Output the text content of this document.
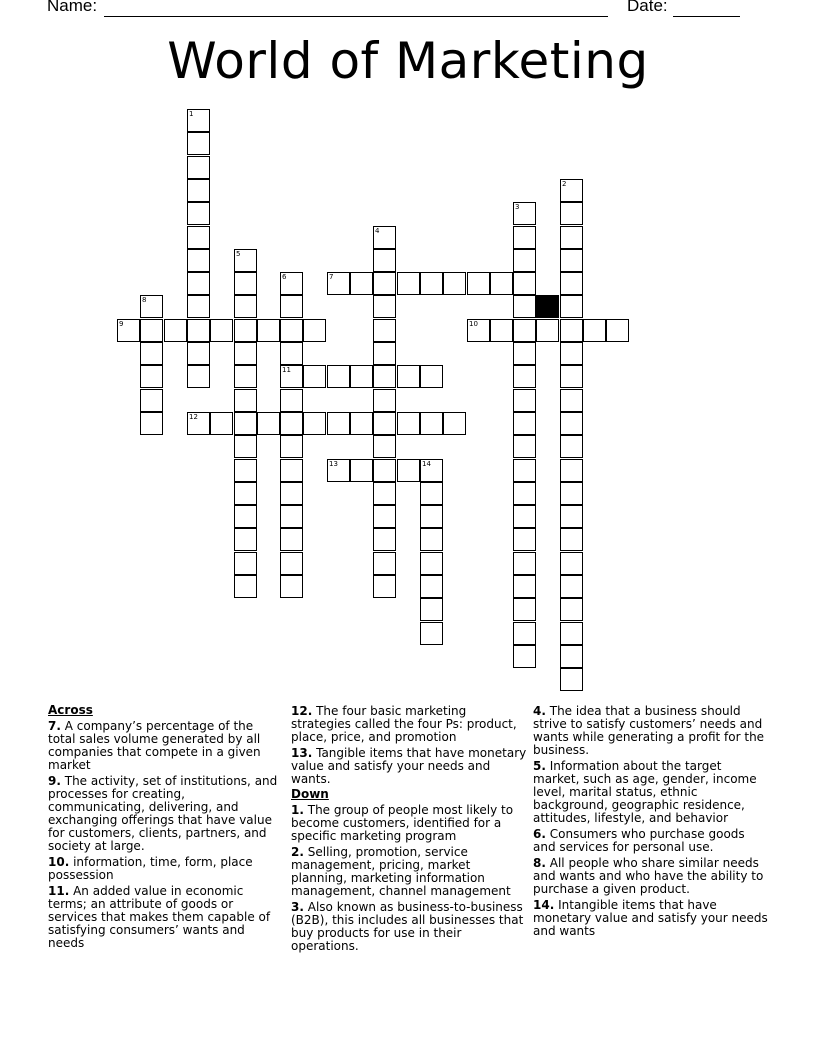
Name:	Date:
World of Marketing
1
2
3
4
5
6
11
8
14
7
9	10
12
13
Across
7. A company’s percentage of the total sales volume generated by all companies that compete in a given market
9. The activity, set of institutions, and processes for creating, communicating, delivering, and exchanging offerings that have value for customers, clients, partners, and society at large.
10. information, time, form, place possession
11. An added value in economic terms; an attribute of goods or services that makes them capable of satisfying consumers’ wants and needs
12. The four basic marketing strategies called the four Ps: product, place, price, and promotion
13. Tangible items that have monetary value and satisfy your needs and wants.
Down
1. The group of people most likely to become customers, identified for a specific marketing program
2. Selling, promotion, service management, pricing, market planning, marketing information management, channel management
3. Also known as business-to-business (B2B), this includes all businesses that buy products for use in their operations.
4. The idea that a business should strive to satisfy customers’ needs and wants while generating a profit for the business.
5. Information about the target market, such as age, gender, income level, marital status, ethnic background, geographic residence, attitudes, lifestyle, and behavior
6. Consumers who purchase goods and services for personal use.
8. All people who share similar needs and wants and who have the ability to purchase a given product.
14. Intangible items that have monetary value and satisfy your needs and wants
